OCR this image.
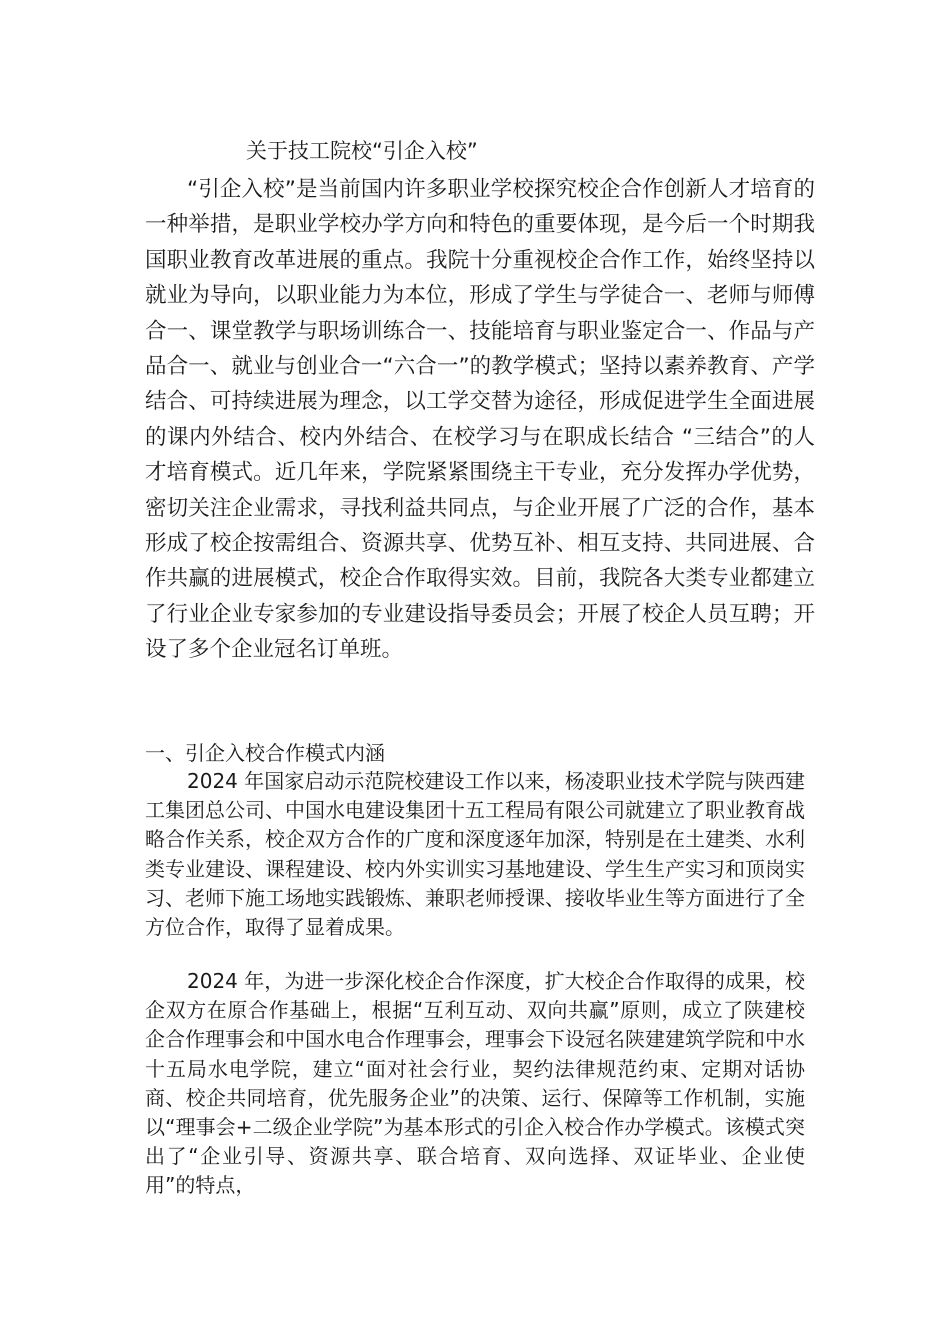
关于技工院校“引企入校”

“引企入校”是当前国内许多职业学校探究校企合作创新人才培育的一种举措，是职业学校办学方向和特色的重要体现，是今后一个时期我国职业教育改革进展的重点。我院十分重视校企合作工作，始终坚持以就业为导向，以职业能力为本位，形成了学生与学徒合一、老师与师傅合一、课堂教学与职场训练合一、技能培育与职业鉴定合一、作品与产品合一、就业与创业合一“六合一”的教学模式；坚持以素养教育、产学结合、可持续进展为理念，以工学交替为途径，形成促进学生全面进展的课内外结合、校内外结合、在校学习与在职成长结合 “三结合”的人才培育模式。近几年来，学院紧紧围绕主干专业，充分发挥办学优势，密切关注企业需求，寻找利益共同点，与企业开展了广泛的合作，基本形成了校企按需组合、资源共享、优势互补、相互支持、共同进展、合作共赢的进展模式，校企合作取得实效。目前，我院各大类专业都建立了行业企业专家参加的专业建设指导委员会；开展了校企人员互聘；开设了多个企业冠名订单班。

一、引企入校合作模式内涵

2024 年国家启动示范院校建设工作以来，杨凌职业技术学院与陕西建工集团总公司、中国水电建设集团十五工程局有限公司就建立了职业教育战略合作关系，校企双方合作的广度和深度逐年加深，特别是在土建类、水利类专业建设、课程建设、校内外实训实习基地建设、学生生产实习和顶岗实习、老师下施工场地实践锻炼、兼职老师授课、接收毕业生等方面进行了全方位合作，取得了显着成果。

2024 年，为进一步深化校企合作深度，扩大校企合作取得的成果，校企双方在原合作基础上，根据“互利互动、双向共赢”原则，成立了陕建校企合作理事会和中国水电合作理事会，理事会下设冠名陕建建筑学院和中水十五局水电学院，建立“面对社会行业，契约法律规范约束、定期对话协商、校企共同培育，优先服务企业”的决策、运行、保障等工作机制，实施以“理事会+二级企业学院”为基本形式的引企入校合作办学模式。该模式突出了“企业引导、资源共享、联合培育、双向选择、双证毕业、企业使用”的特点，
